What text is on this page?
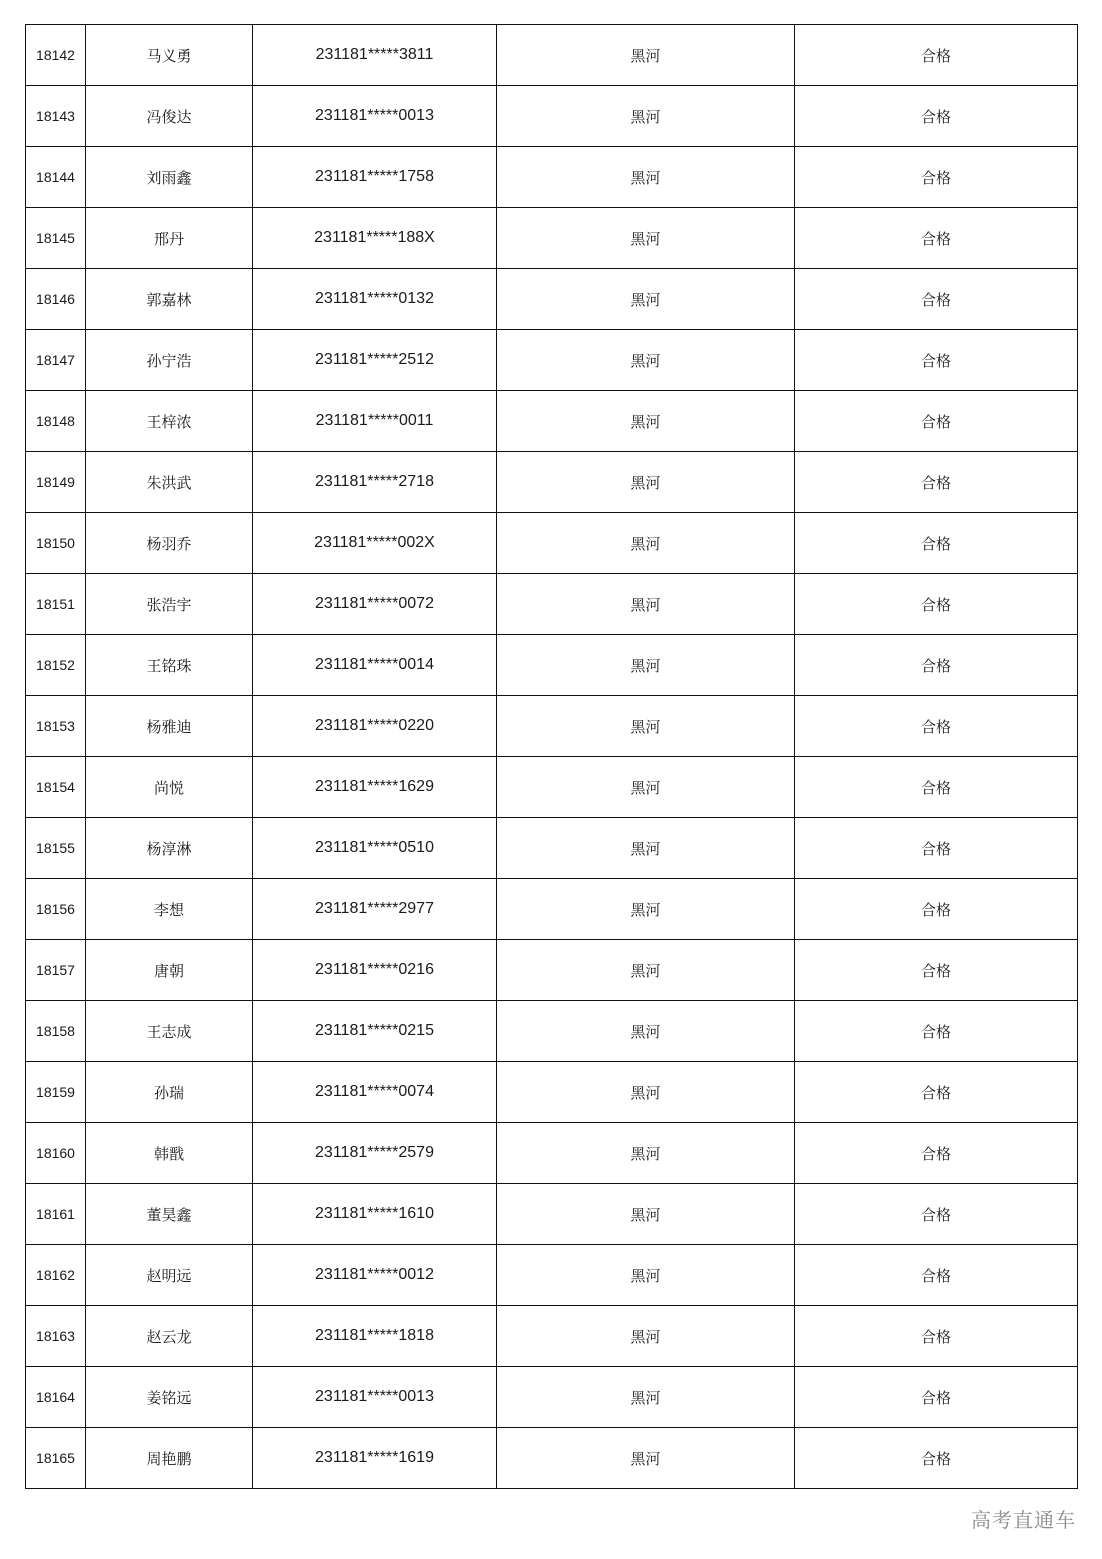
18142	马义勇	231181*****3811	黑河	合格
18143	冯俊达	231181*****0013	黑河	合格
18144	刘雨鑫	231181*****1758	黑河	合格
18145	邢丹	231181*****188X	黑河	合格
18146	郭嘉林	231181*****0132	黑河	合格
18147	孙宁浩	231181*****2512	黑河	合格
18148	王梓浓	231181*****0011	黑河	合格
18149	朱洪武	231181*****2718	黑河	合格
18150	杨羽乔	231181*****002X	黑河	合格
18151	张浩宇	231181*****0072	黑河	合格
18152	王铭珠	231181*****0014	黑河	合格
18153	杨雅迪	231181*****0220	黑河	合格
18154	尚悦	231181*****1629	黑河	合格
18155	杨淳淋	231181*****0510	黑河	合格
18156	李想	231181*****2977	黑河	合格
18157	唐朝	231181*****0216	黑河	合格
18158	王志成	231181*****0215	黑河	合格
18159	孙瑞	231181*****0074	黑河	合格
18160	韩戬	231181*****2579	黑河	合格
18161	董昊鑫	231181*****1610	黑河	合格
18162	赵明远	231181*****0012	黑河	合格
18163	赵云龙	231181*****1818	黑河	合格
18164	姜铭远	231181*****0013	黑河	合格
18165	周艳鹏	231181*****1619	黑河	合格
高考直通车
